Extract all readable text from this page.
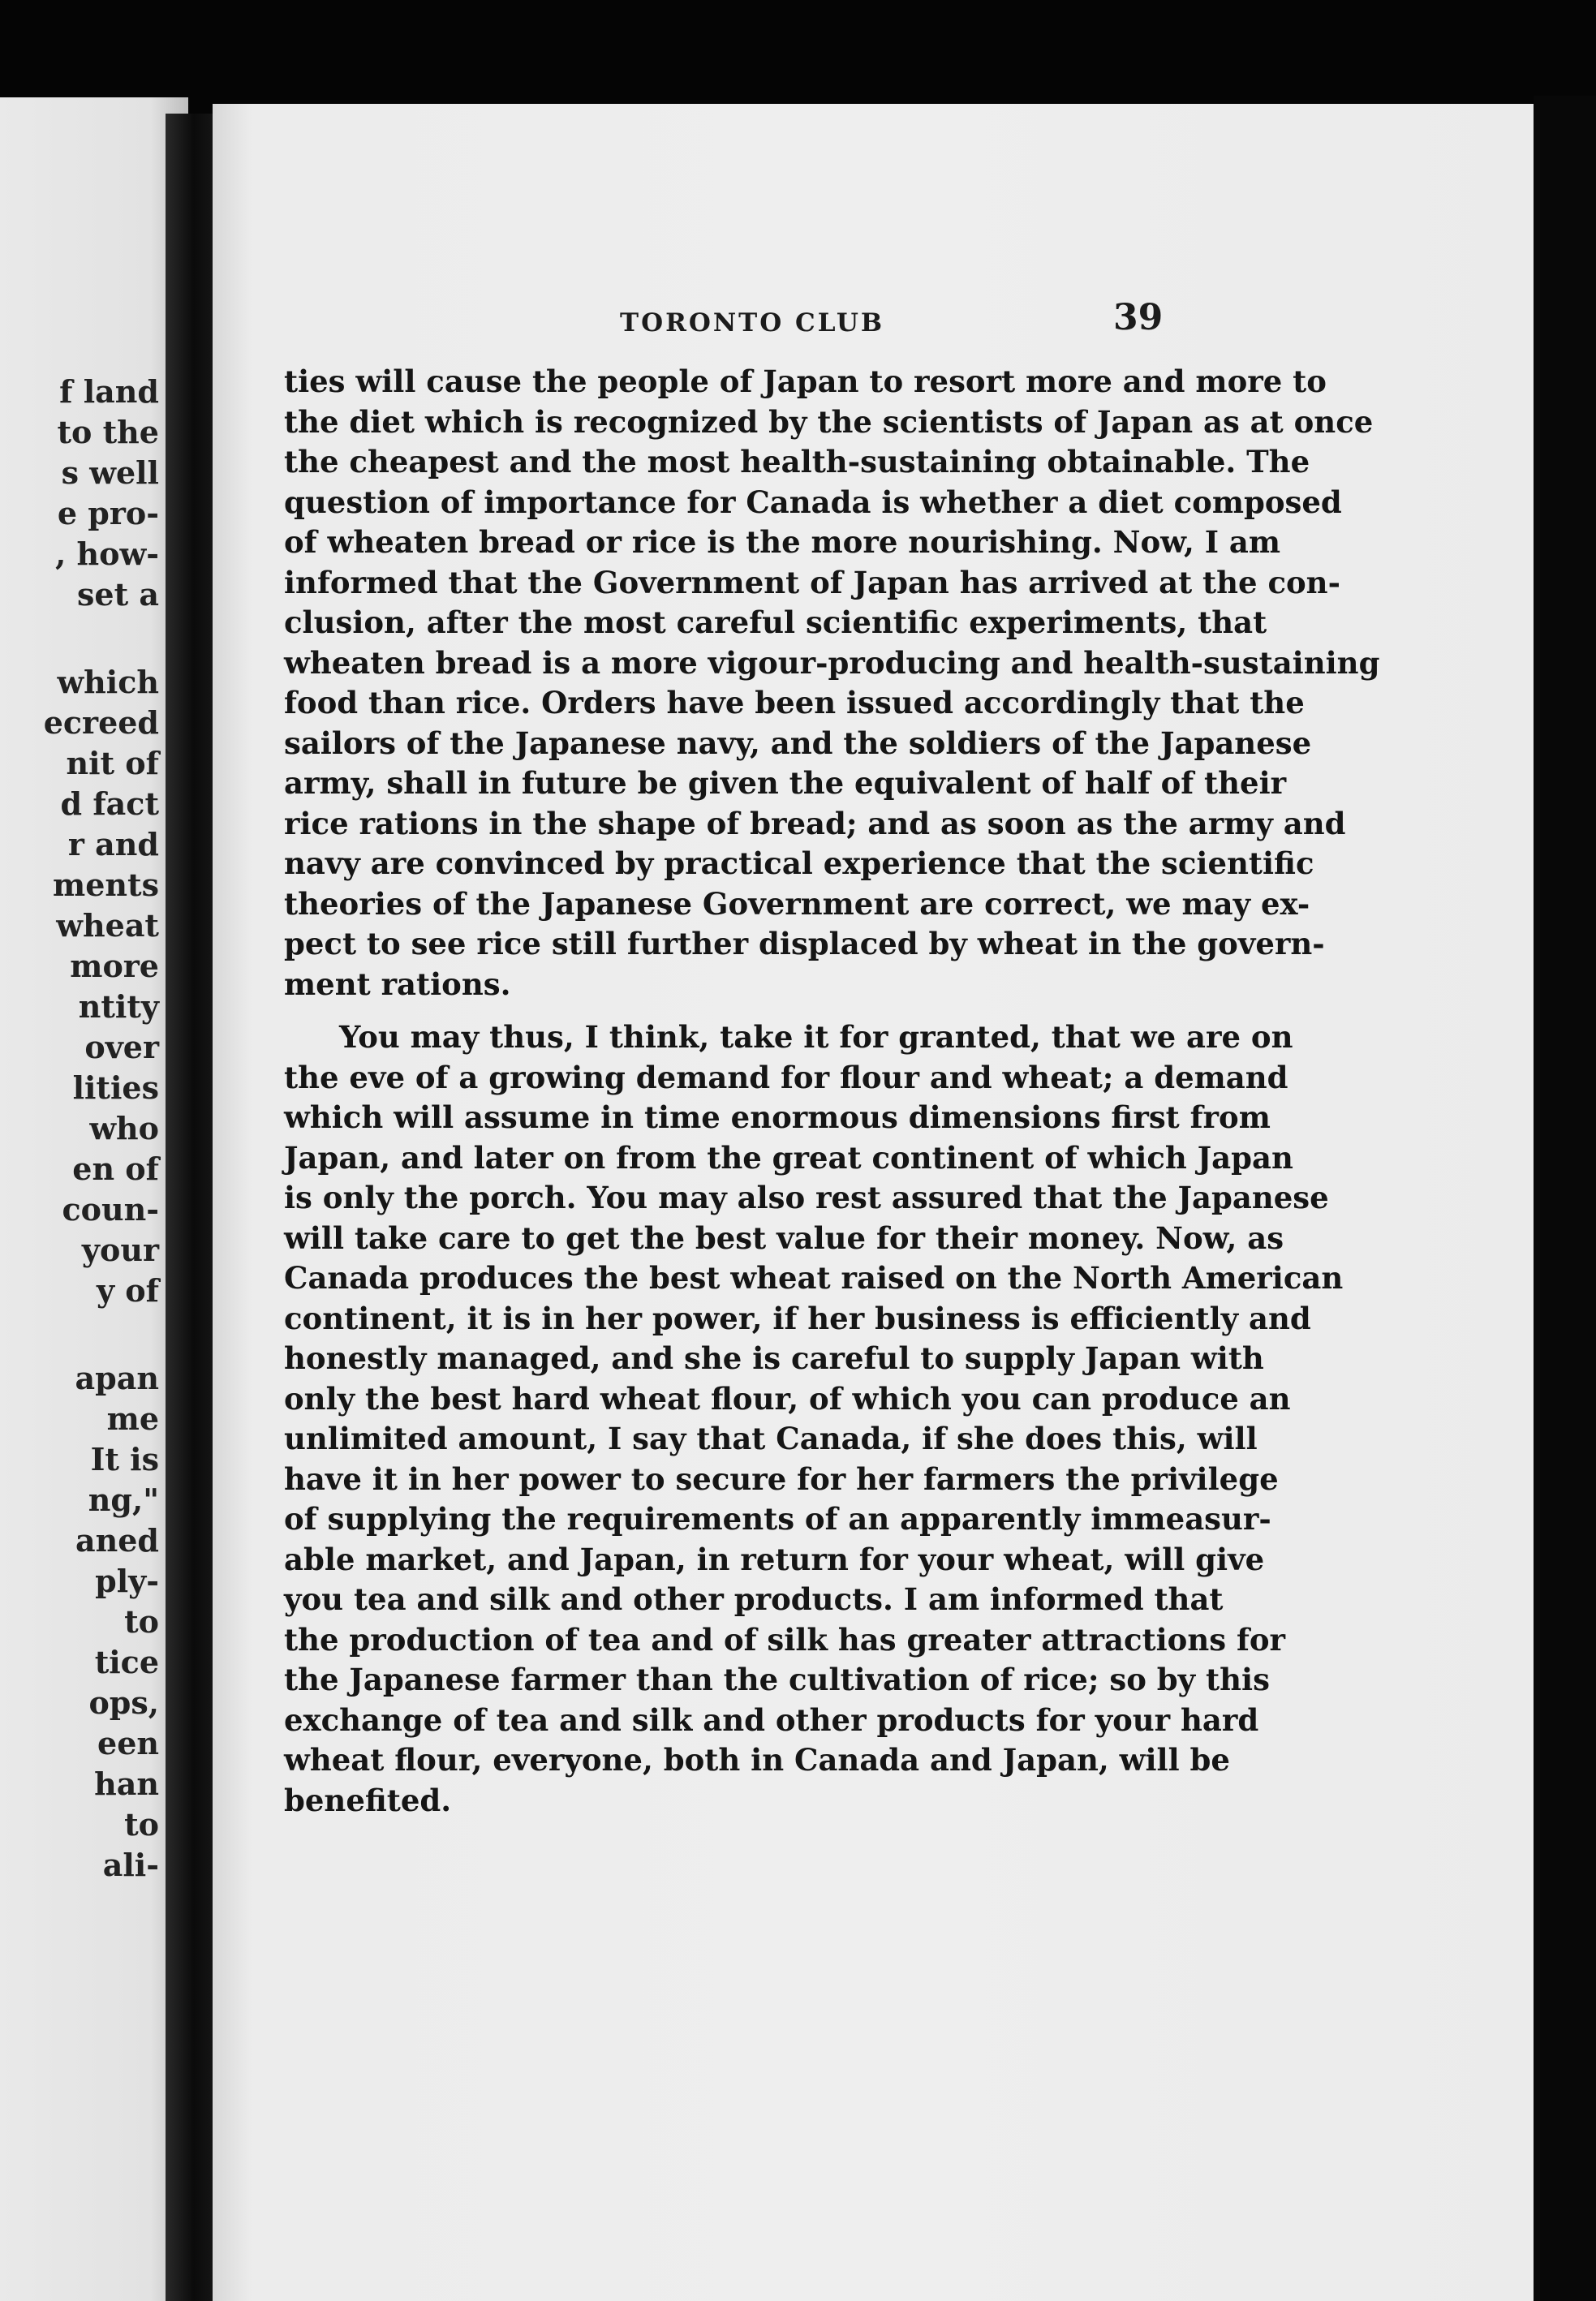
f land
to the
s well
e pro-
, how-
set a
which
ecreed
nit of
d fact
r and
ments
wheat
more
ntity
over
lities
who
en of
coun-
your
y of
apan
me
It is
ng,"
aned
ply-
to
tice
ops,
een
han
to
ali-
TORONTO CLUB	39
ties will cause the people of Japan to resort more and more to
the diet which is recognized by the scientists of Japan as at once
the cheapest and the most health-sustaining obtainable. The
question of importance for Canada is whether a diet composed
of wheaten bread or rice is the more nourishing. Now, I am
informed that the Government of Japan has arrived at the con-
clusion, after the most careful scientific experiments, that
wheaten bread is a more vigour-producing and health-sustaining
food than rice. Orders have been issued accordingly that the
sailors of the Japanese navy, and the soldiers of the Japanese
army, shall in future be given the equivalent of half of their
rice rations in the shape of bread; and as soon as the army and
navy are convinced by practical experience that the scientific
theories of the Japanese Government are correct, we may ex-
pect to see rice still further displaced by wheat in the govern-
ment rations.
You may thus, I think, take it for granted, that we are on
the eve of a growing demand for flour and wheat; a demand
which will assume in time enormous dimensions first from
Japan, and later on from the great continent of which Japan
is only the porch. You may also rest assured that the Japanese
will take care to get the best value for their money. Now, as
Canada produces the best wheat raised on the North American
continent, it is in her power, if her business is efficiently and
honestly managed, and she is careful to supply Japan with
only the best hard wheat flour, of which you can produce an
unlimited amount, I say that Canada, if she does this, will
have it in her power to secure for her farmers the privilege
of supplying the requirements of an apparently immeasur-
able market, and Japan, in return for your wheat, will give
you tea and silk and other products. I am informed that
the production of tea and of silk has greater attractions for
the Japanese farmer than the cultivation of rice; so by this
exchange of tea and silk and other products for your hard
wheat flour, everyone, both in Canada and Japan, will be
benefited.
